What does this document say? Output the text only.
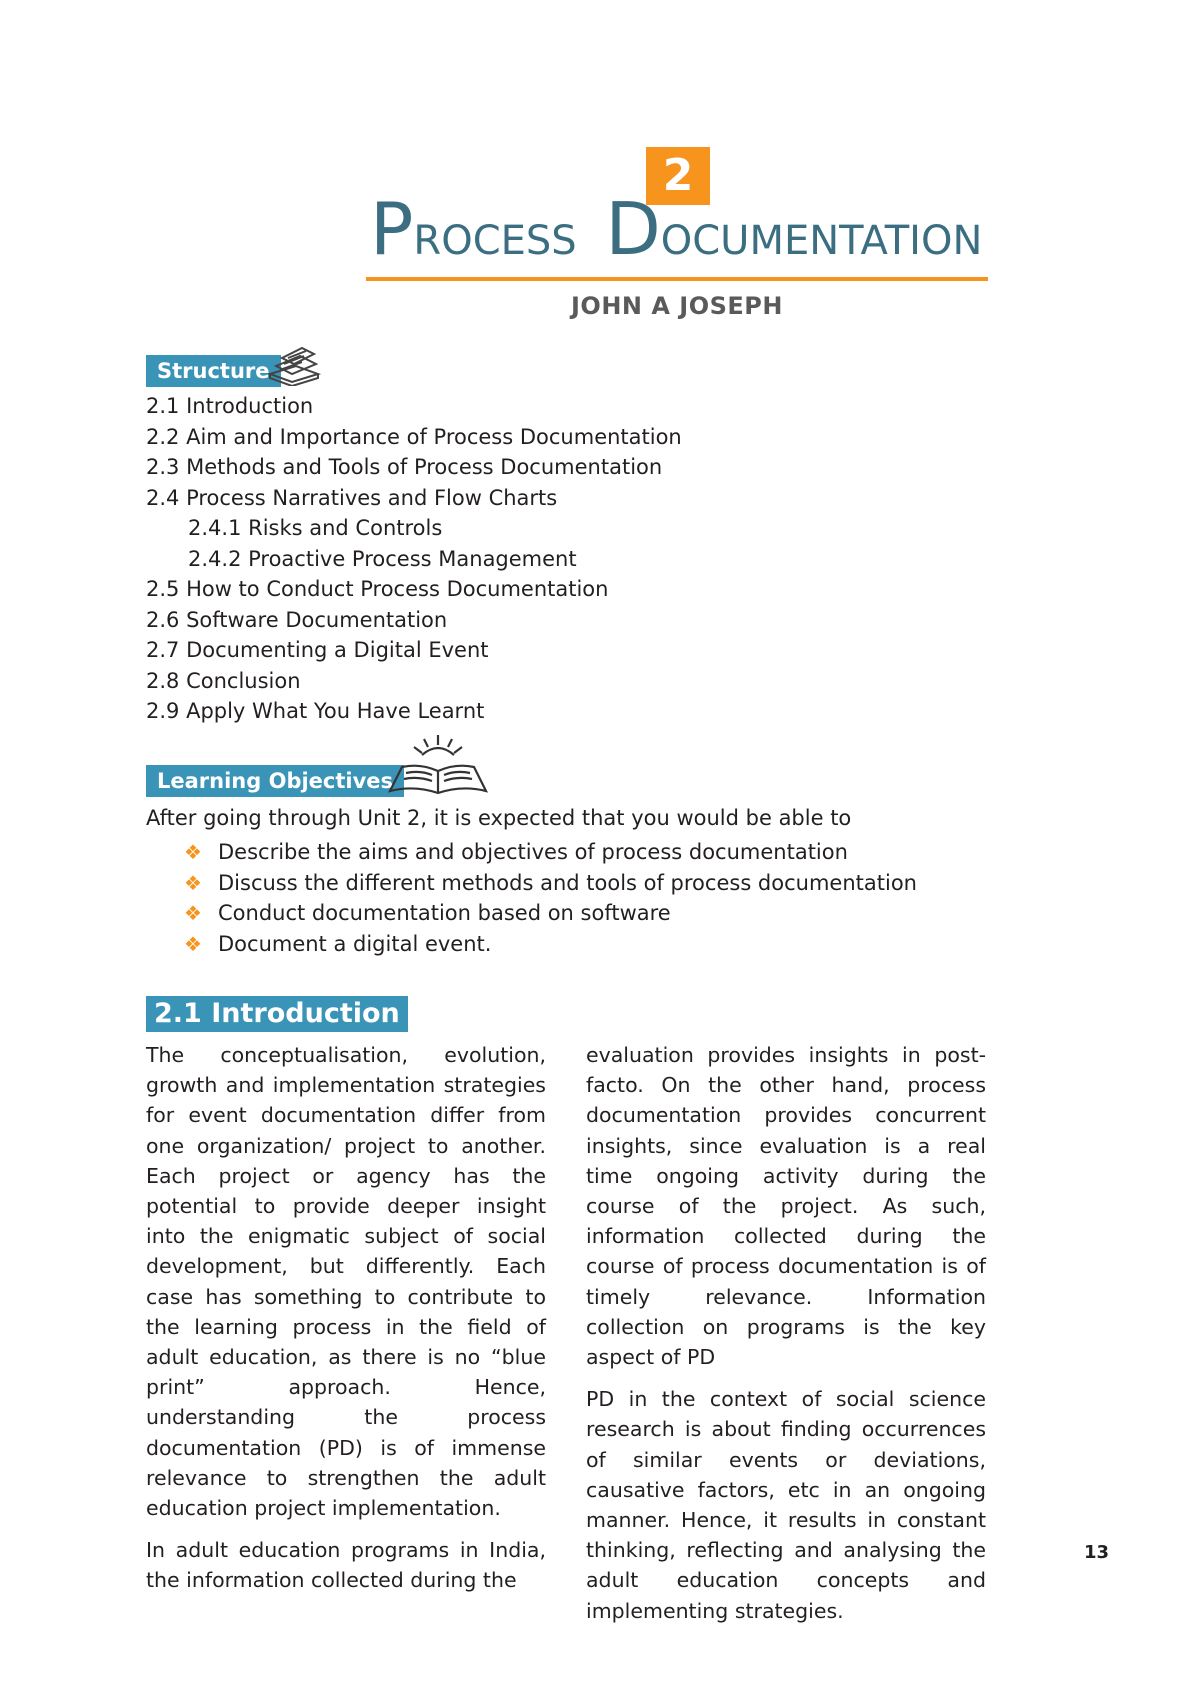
2
PROCESS DOCUMENTATION
JOHN A JOSEPH
Structure
2.1 Introduction
2.2 Aim and Importance of Process Documentation
2.3 Methods and Tools of Process Documentation
2.4 Process Narratives and Flow Charts
2.4.1 Risks and Controls
2.4.2 Proactive Process Management
2.5 How to Conduct Process Documentation
2.6 Software Documentation
2.7 Documenting a Digital Event
2.8 Conclusion
2.9 Apply What You Have Learnt
Learning Objectives
After going through Unit 2, it is expected that you would be able to
❖ Describe the aims and objectives of process documentation
❖ Discuss the different methods and tools of process documentation
❖ Conduct documentation based on software
❖ Document a digital event.
2.1 Introduction

The conceptualisation, evolution, growth and implementation strategies for event documentation differ from one organization/ project to another. Each project or agency has the potential to provide deeper insight into the enigmatic subject of social development, but differently. Each case has something to contribute to the learning process in the field of adult education, as there is no “blue print” approach. Hence, understanding the process documentation (PD) is of immense relevance to strengthen the adult education project implementation.

In adult education programs in India, the information collected during the

evaluation provides insights in post-facto. On the other hand, process documentation provides concurrent insights, since evaluation is a real time ongoing activity during the course of the project. As such, information collected during the course of process documentation is of timely relevance. Information collection on programs is the key aspect of PD

PD in the context of social science research is about finding occurrences of similar events or deviations, causative factors, etc in an ongoing manner. Hence, it results in constant thinking, reflecting and analysing the adult education concepts and implementing strategies.

13
